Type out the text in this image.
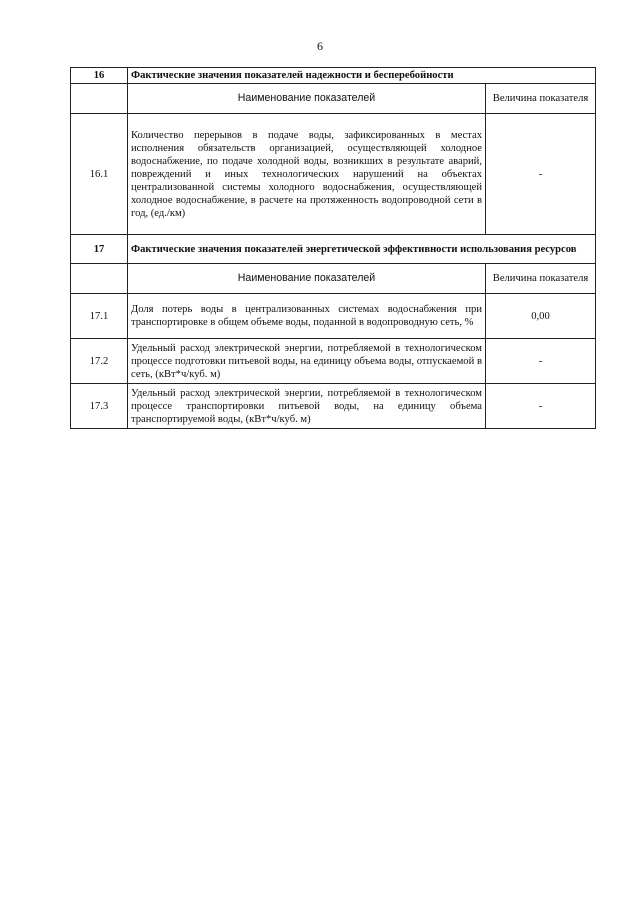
6
16	Фактические значения показателей надежности и бесперебойности	
	Наименование показателей	Величина показателя
16.1	Количество перерывов в подаче воды, зафиксированных в местах исполнения обязательств организацией, осуществляющей холодное водоснабжение, по подаче холодной воды, возникших в результате аварий, повреждений и иных технологических нарушений на объектах централизованной системы холодного водоснабжения, осуществляющей холодное водоснабжение, в расчете на протяженность водопроводной сети в год, (ед./км)	-
17	Фактические значения показателей энергетической эффективности использования ресурсов	
	Наименование показателей	Величина показателя
17.1	Доля потерь воды в централизованных системах водоснабжения при транспортировке в общем объеме воды, поданной в водопроводную сеть, %	0,00
17.2	Удельный расход электрической энергии, потребляемой в технологическом процессе подготовки питьевой воды, на единицу объема воды, отпускаемой в сеть, (кВт*ч/куб. м)	-
17.3	Удельный расход электрической энергии, потребляемой в технологическом процессе транспортировки питьевой воды, на единицу объема транспортируемой воды, (кВт*ч/куб. м)	-
